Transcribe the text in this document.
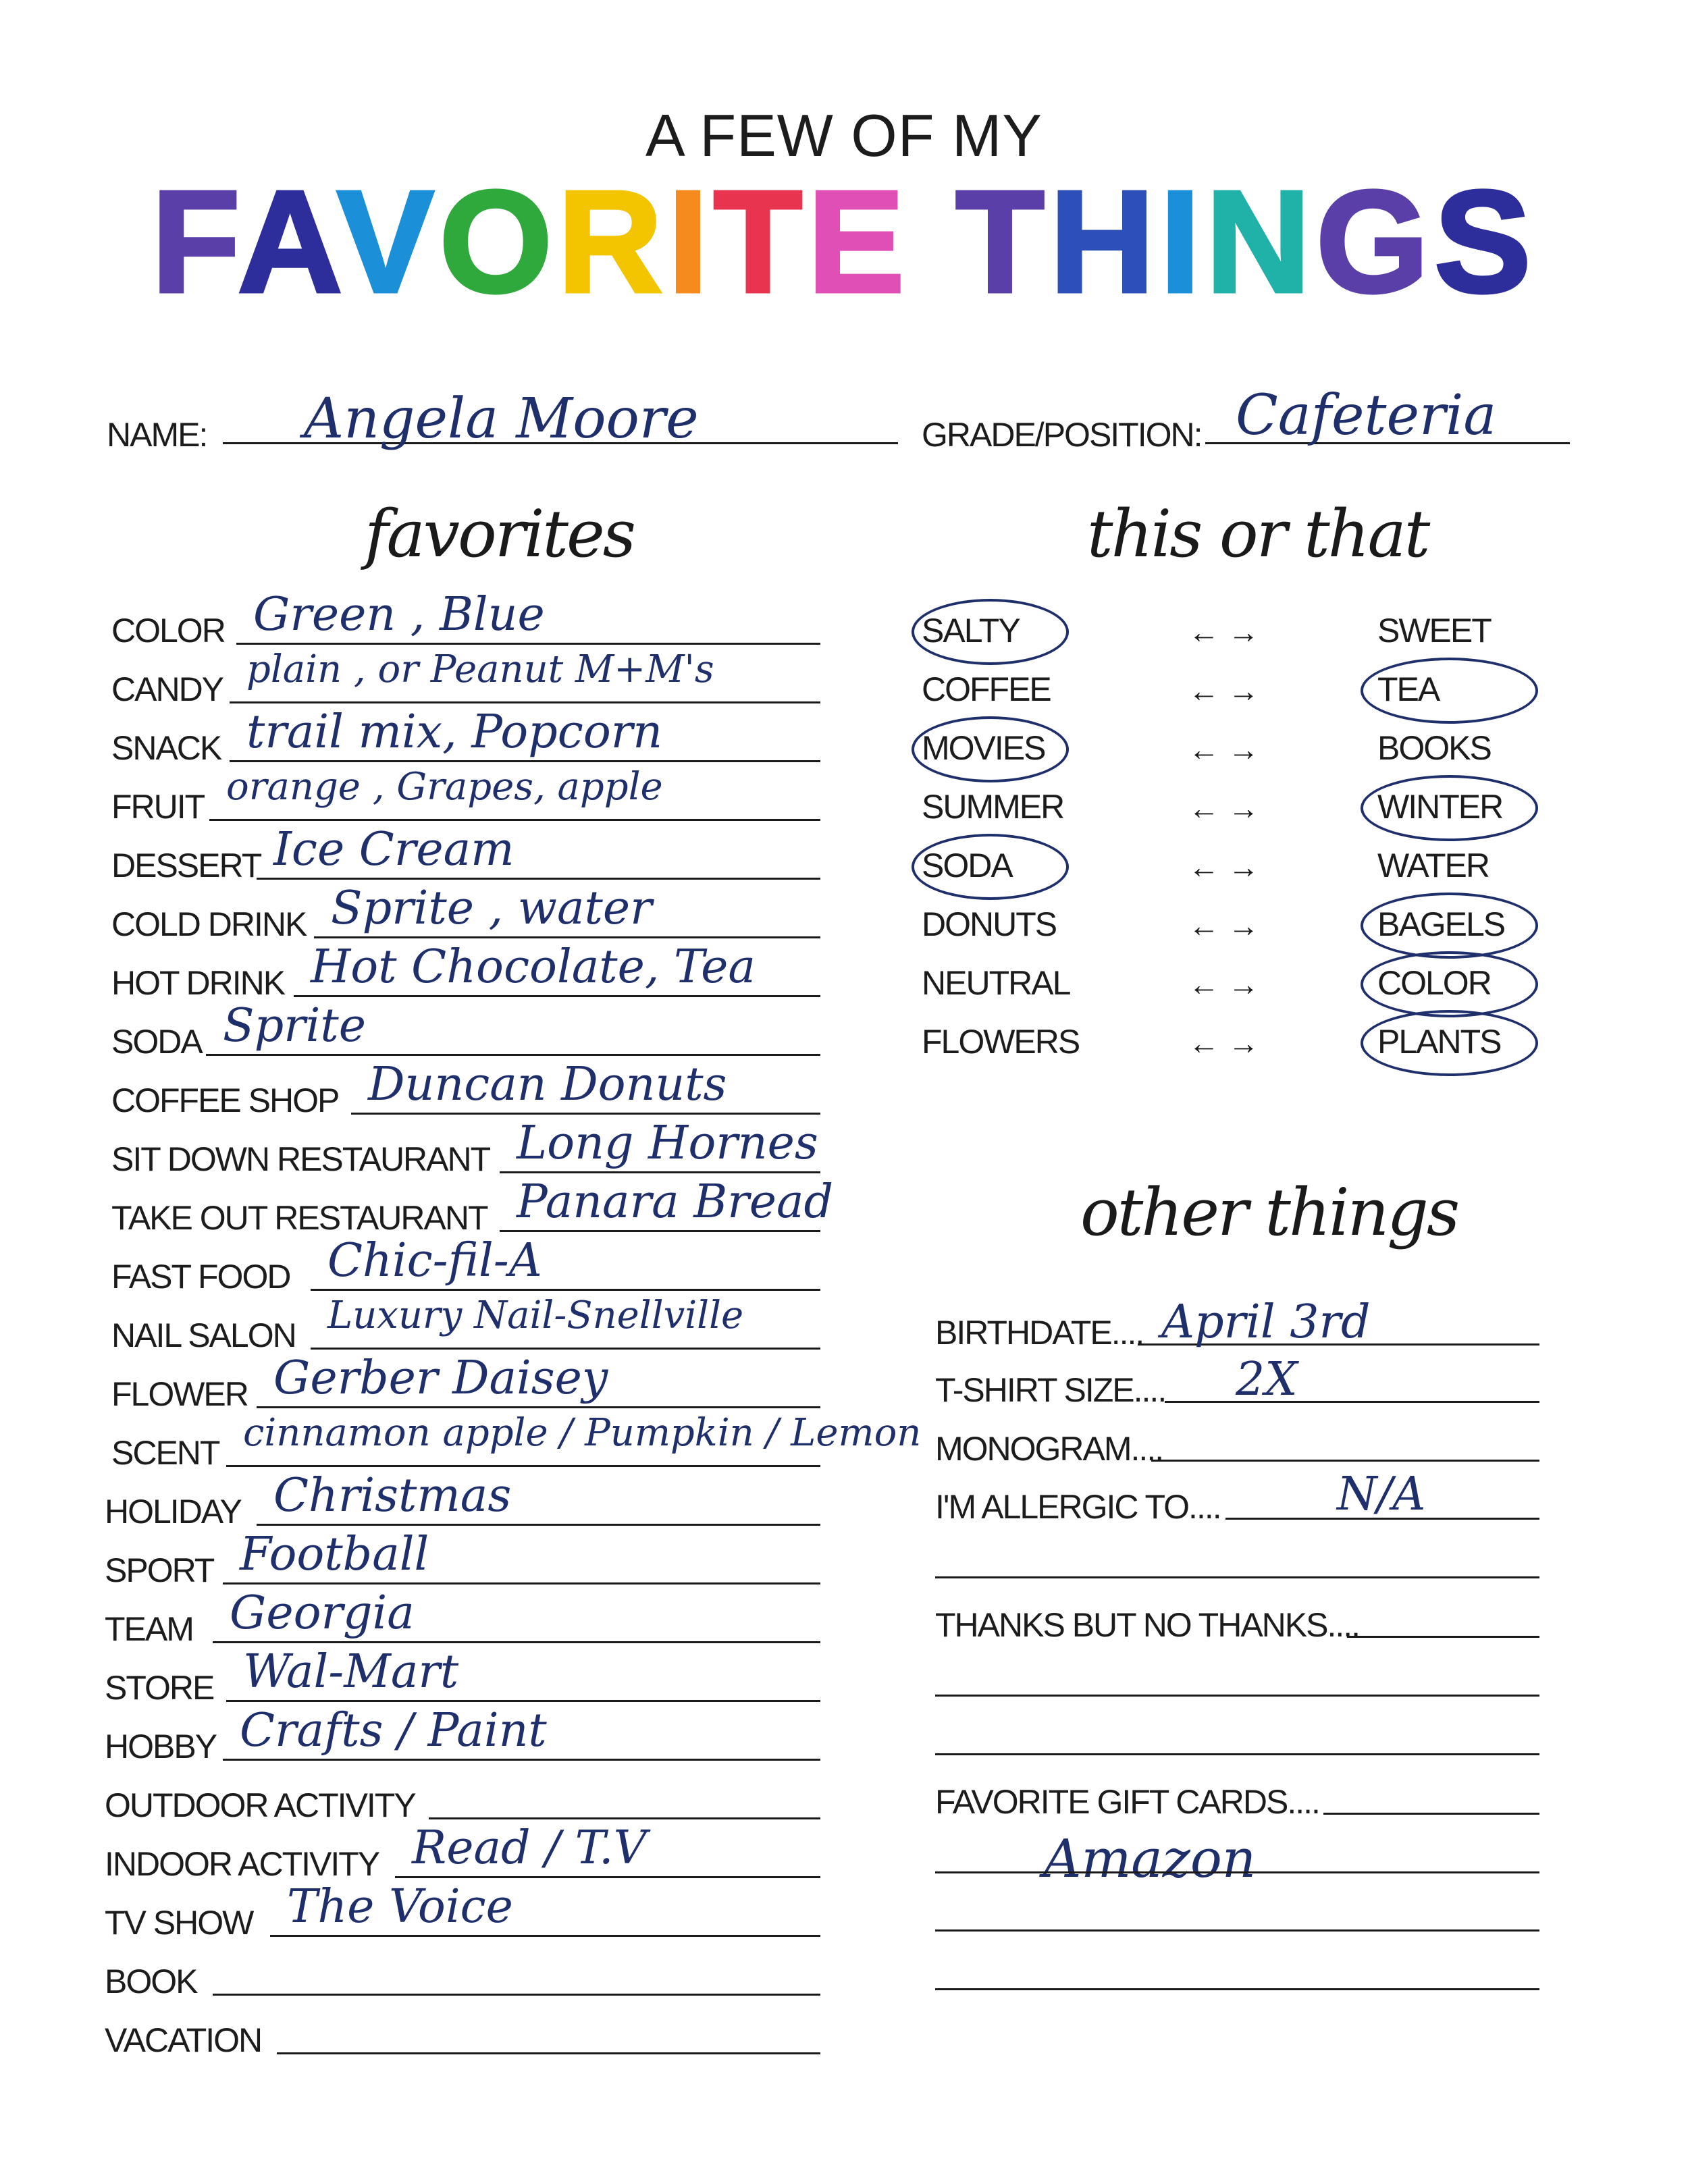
A FEW OF MY
FAVORITE THINGS
NAME: Angela Moore	GRADE/POSITION: Cafeteria
favorites	this or that
other things
COLOR Green , Blue
CANDY plain , or Peanut M+M's
SNACK trail mix, Popcorn
FRUIT orange , Grapes, apple
DESSERT Ice Cream
COLD DRINK Sprite , water
HOT DRINK Hot Chocolate, Tea
SODA Sprite
COFFEE SHOP Duncan Donuts
SIT DOWN RESTAURANT Long Hornes
TAKE OUT RESTAURANT Panara Bread
FAST FOOD Chic-fil-A
NAIL SALON Luxury Nail-Snellville
FLOWER Gerber Daisey
SCENT cinnamon apple / Pumpkin / Lemon
HOLIDAY Christmas
SPORT Football
TEAM Georgia
STORE Wal-Mart
HOBBY Crafts / Paint
OUTDOOR ACTIVITY
INDOOR ACTIVITY Read / T.V
TV SHOW The Voice
BOOK
VACATION
SALTY	← →	SWEET
COFFEE	← →	TEA
MOVIES	← →	BOOKS
SUMMER	← →	WINTER
SODA	← →	WATER
DONUTS	← →	BAGELS
NEUTRAL	← →	COLOR
FLOWERS	← →	PLANTS
BIRTHDATE.... April 3rd
T-SHIRT SIZE.... 2X
MONOGRAM....
I'M ALLERGIC TO....	N/A
THANKS BUT NO THANKS....
FAVORITE GIFT CARDS....
Amazon
